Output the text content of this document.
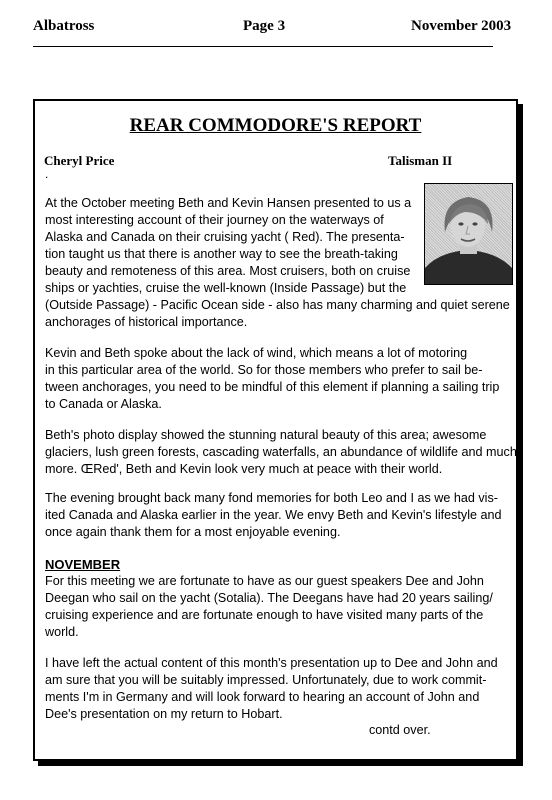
Albatross	Page 3	November 2003
REAR COMMODORE'S REPORT
Cheryl Price	Talisman II
.
At the October meeting Beth and Kevin Hansen presented to us a
most interesting account of their journey on the waterways of
Alaska and Canada on their cruising yacht ( Red). The presenta-
tion taught us that there is another way to see the breath-taking
beauty and remoteness of this area. Most cruisers, both on cruise
ships or yachties, cruise the well-known (Inside Passage) but the
(Outside Passage) - Pacific Ocean side - also has many charming and quiet serene
anchorages of historical importance.
Kevin and Beth spoke about the lack of wind, which means a lot of motoring
in this particular area of the world. So for those members who prefer to sail be-
tween anchorages, you need to be mindful of this element if planning a sailing trip
to Canada or Alaska.
Beth's photo display showed the stunning natural beauty of this area; awesome
glaciers, lush green forests, cascading waterfalls, an abundance of wildlife and much
more. ŒRed', Beth and Kevin look very much at peace with their world.
The evening brought back many fond memories for both Leo and I as we had vis-
ited Canada and Alaska earlier in the year. We envy Beth and Kevin's lifestyle and
once again thank them for a most enjoyable evening.
NOVEMBER
For this meeting we are fortunate to have as our guest speakers Dee and John
Deegan who sail on the yacht (Sotalia). The Deegans have had 20 years sailing/
cruising experience and are fortunate enough to have visited many parts of the
world.
I have left the actual content of this month's presentation up to Dee and John and
am sure that you will be suitably impressed. Unfortunately, due to work commit-
ments I'm in Germany and will look forward to hearing an account of John and
Dee's presentation on my return to Hobart.
contd over.
